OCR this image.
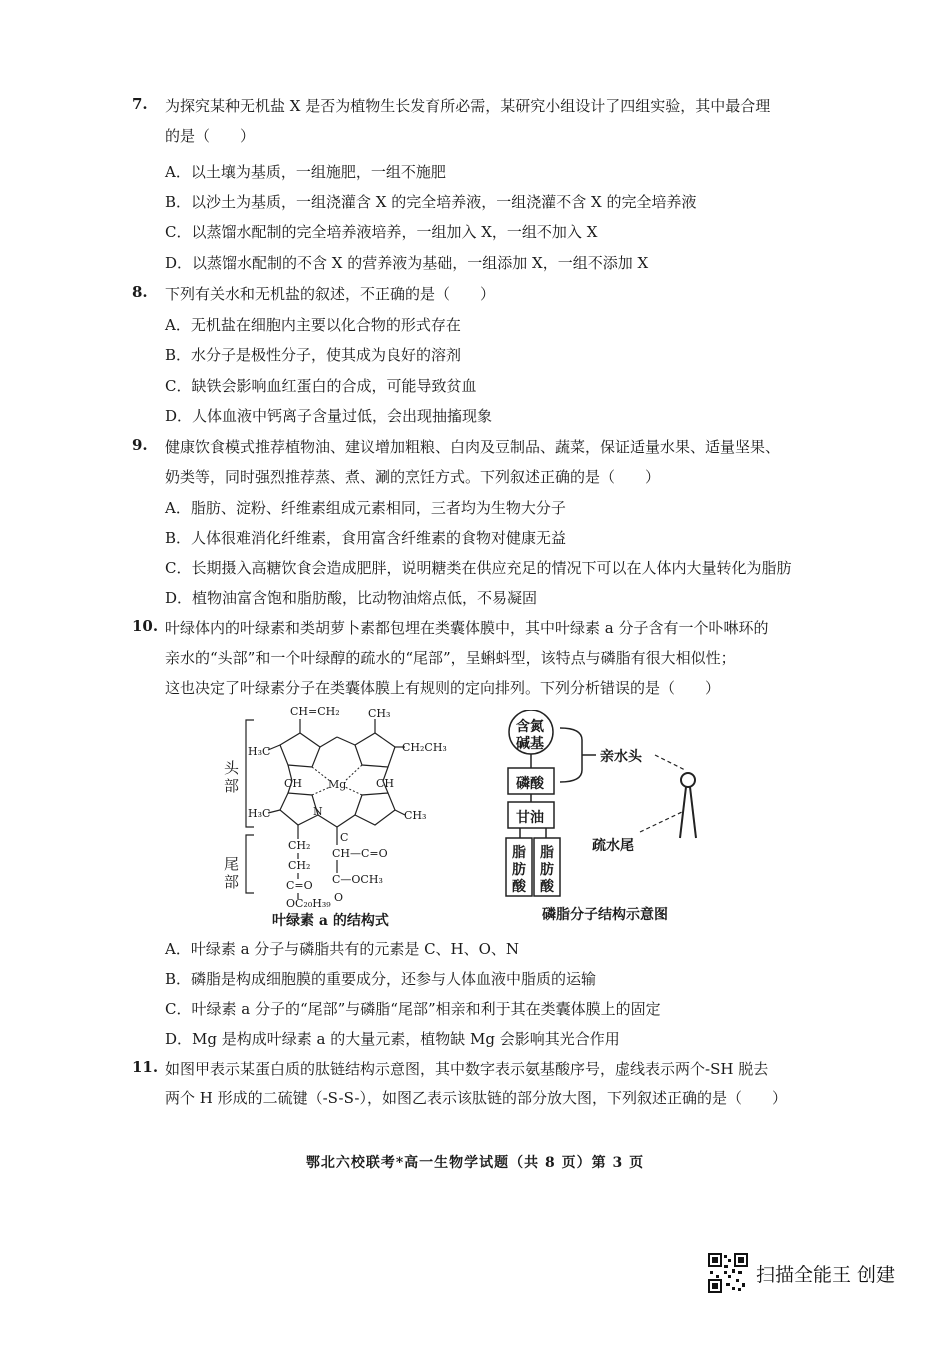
7. 为探究某种无机盐 X 是否为植物生长发育所必需，某研究小组设计了四组实验，其中最合理
的是（　　）
A．以土壤为基质，一组施肥，一组不施肥
B．以沙土为基质，一组浇灌含 X 的完全培养液，一组浇灌不含 X 的完全培养液
C．以蒸馏水配制的完全培养液培养，一组加入 X，一组不加入 X
D．以蒸馏水配制的不含 X 的营养液为基础，一组添加 X，一组不添加 X
8. 下列有关水和无机盐的叙述，不正确的是（　　）
A．无机盐在细胞内主要以化合物的形式存在
B．水分子是极性分子，使其成为良好的溶剂
C．缺铁会影响血红蛋白的合成，可能导致贫血
D．人体血液中钙离子含量过低，会出现抽搐现象
9. 健康饮食模式推荐植物油、建议增加粗粮、白肉及豆制品、蔬菜，保证适量水果、适量坚果、
奶类等，同时强烈推荐蒸、煮、涮的烹饪方式。下列叙述正确的是（　　）
A．脂肪、淀粉、纤维素组成元素相同，三者均为生物大分子
B．人体很难消化纤维素，食用富含纤维素的食物对健康无益
C．长期摄入高糖饮食会造成肥胖，说明糖类在供应充足的情况下可以在人体内大量转化为脂肪
D．植物油富含饱和脂肪酸，比动物油熔点低，不易凝固
10. 叶绿体内的叶绿素和类胡萝卜素都包埋在类囊体膜中，其中叶绿素 a 分子含有一个卟啉环的
亲水的“头部”和一个叶绿醇的疏水的“尾部”，呈蝌蚪型，该特点与磷脂有很大相似性；
这也决定了叶绿素分子在类囊体膜上有规则的定向排列。下列分析错误的是（　　）
头
部
尾
部
CH=CH₂	CH₃
H₃C	CH₂CH₃
CH Mg	CH
H₃C	N
C
CH₃
CH₂
CH₂
C=O
OC₂₀H₃₉
CH—C=O
C—OCH₃
O
叶绿素 a 的结构式
含氮
碱基
磷酸
甘油
脂
肪
酸
脂
肪
酸
亲水头
疏水尾
磷脂分子结构示意图
A．叶绿素 a 分子与磷脂共有的元素是 C、H、O、N
B．磷脂是构成细胞膜的重要成分，还参与人体血液中脂质的运输
C．叶绿素 a 分子的“尾部”与磷脂“尾部”相亲和利于其在类囊体膜上的固定
D．Mg 是构成叶绿素 a 的大量元素，植物缺 Mg 会影响其光合作用
11. 如图甲表示某蛋白质的肽链结构示意图，其中数字表示氨基酸序号，虚线表示两个-SH 脱去
两个 H 形成的二硫键（-S-S-），如图乙表示该肽链的部分放大图，下列叙述正确的是（　　）
鄂北六校联考*高一生物学试题（共 8 页）第 3 页
扫描全能王 创建
